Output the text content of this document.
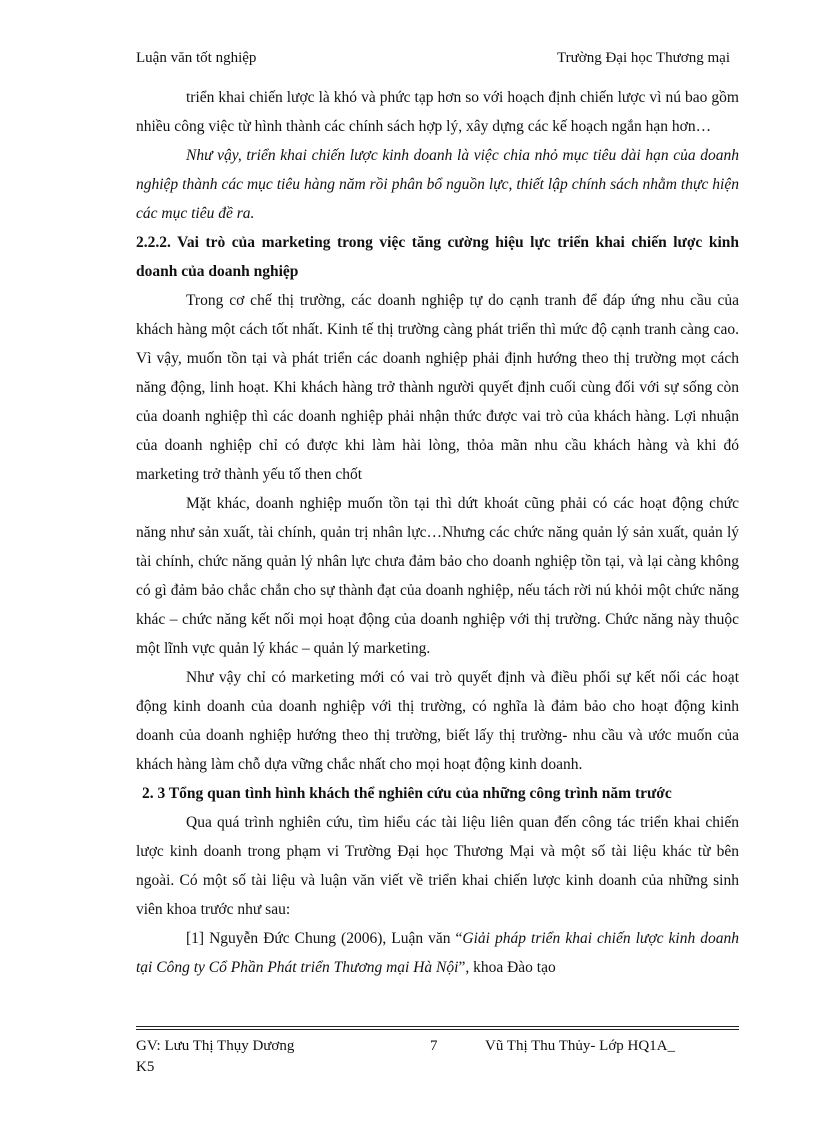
Luận văn tốt nghiệp	Trường Đại học Thương mại

triển khai chiến lược là khó và phức tạp hơn so với hoạch định chiến lược vì nú bao gồm nhiều công việc từ hình thành các chính sách hợp lý, xây dựng các kế hoạch ngắn hạn hơn…

Như vậy, triển khai chiến lược kinh doanh là việc chia nhỏ mục tiêu dài hạn của doanh nghiệp thành các mục tiêu hàng năm rồi phân bổ nguồn lực, thiết lập chính sách nhằm thực hiện các mục tiêu đề ra.

2.2.2. Vai trò của marketing trong việc tăng cường hiệu lực triển khai chiến lược kinh doanh của doanh nghiệp

Trong cơ chế thị trường, các doanh nghiệp tự do cạnh tranh để đáp ứng nhu cầu của khách hàng một cách tốt nhất. Kinh tế thị trường càng phát triển thì mức độ cạnh tranh càng cao. Vì vậy, muốn tồn tại và phát triển các doanh nghiệp phải định hướng theo thị trường mọt cách năng động, linh hoạt. Khi khách hàng trở thành người quyết định cuối cùng đối với sự sống còn của doanh nghiệp thì các doanh nghiệp phải nhận thức được vai trò của khách hàng. Lợi nhuận của doanh nghiệp chỉ có được khi làm hài lòng, thỏa mãn nhu cầu khách hàng và khi đó marketing trở thành yếu tố then chốt

Mặt khác, doanh nghiệp muốn tồn tại thì dứt khoát cũng phải có các hoạt động chức năng như sản xuất, tài chính, quản trị nhân lực…Nhưng các chức năng quản lý sản xuất, quản lý tài chính, chức năng quản lý nhân lực chưa đảm bảo cho doanh nghiệp tồn tại, và lại càng không có gì đảm bảo chắc chắn cho sự thành đạt của doanh nghiệp, nếu tách rời nú khỏi một chức năng khác – chức năng kết nối mọi hoạt động của doanh nghiệp với thị trường. Chức năng này thuộc một lĩnh vực quản lý khác – quản lý marketing.

Như vậy chỉ có marketing mới có vai trò quyết định và điều phối sự kết nối các hoạt động kinh doanh của doanh nghiệp với thị trường, có nghĩa là đảm bảo cho hoạt động kinh doanh của doanh nghiệp hướng theo thị trường, biết lấy thị trường- nhu cầu và ước muốn của khách hàng làm chỗ dựa vững chắc nhất cho mọi hoạt động kinh doanh.

2. 3 Tổng quan tình hình khách thể nghiên cứu của những công trình năm trước

Qua quá trình nghiên cứu, tìm hiểu các tài liệu liên quan đến công tác triển khai chiến lược kinh doanh trong phạm vi Trường Đại học Thương Mại và một số tài liệu khác từ bên ngoài. Có một số tài liệu và luận văn viết về triển khai chiến lược kinh doanh của những sinh viên khoa trước như sau:

[1] Nguyễn Đức Chung (2006), Luận văn “Giải pháp triển khai chiến lược kinh doanh tại Công ty Cổ Phần Phát triển Thương mại Hà Nội”, khoa Đào tạo

GV: Lưu Thị Thụy Dương	7	Vũ Thị Thu Thủy- Lớp HQ1A_
K5
